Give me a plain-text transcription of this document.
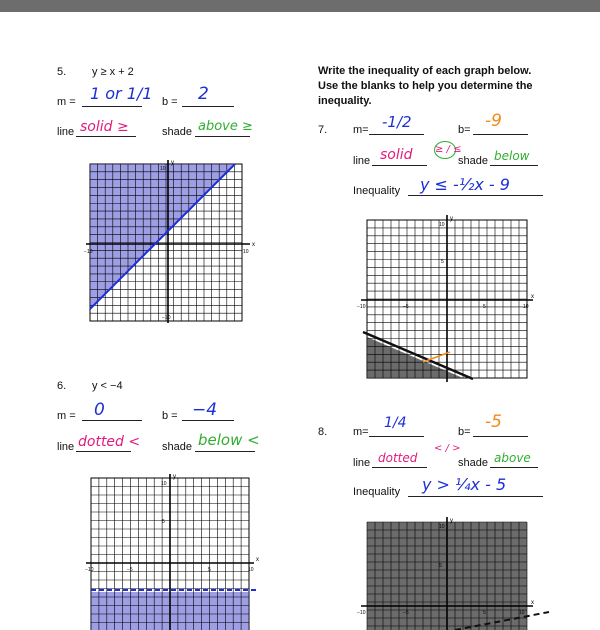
5. y ≥ x + 2
m = 1 or 1/1 b = 2
line solid ≥	shade above ≥
y
x
−10	10
10
−10
6. y < −4
m = 0	b = −4
line dotted < shade below <
y
x
−10	10
10
5
5
−5
Write the inequality of each graph below.
Use the blanks to help you determine the
inequality.
7. m= -1/2	b= -9
line solid ≥ / ≤
shade below
Inequality y ≤ -½x - 9
y
x
−10	10
10
5
5
−5
8. m=
1/4
b= -5
line dotted
< / >
shade above
Inequality y > ¼x - 5
y
x
−10	10
10
5
5
−5
